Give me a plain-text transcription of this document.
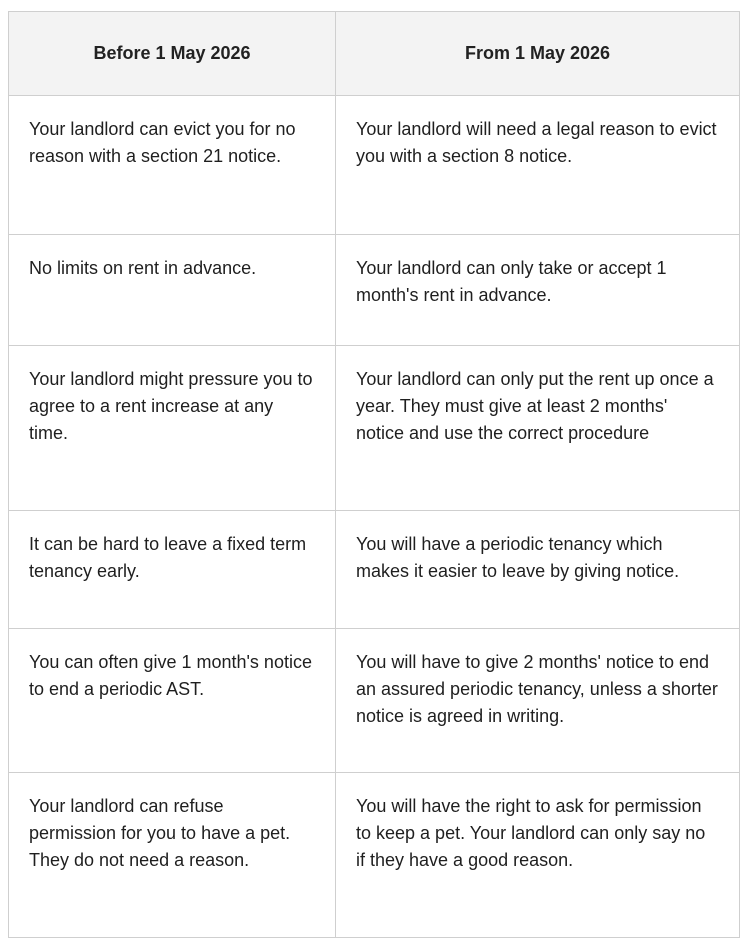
Before 1 May 2026	From 1 May 2026

Your landlord can evict you for no reason with a section 21 notice.	Your landlord will need a legal reason to evict you with a section 8 notice.

No limits on rent in advance.	Your landlord can only take or accept 1 month's rent in advance.

Your landlord might pressure you to agree to a rent increase at any time.	Your landlord can only put the rent up once a year. They must give at least 2 months' notice and use the correct procedure

It can be hard to leave a fixed term tenancy early.	You will have a periodic tenancy which makes it easier to leave by giving notice.

You can often give 1 month's notice to end a periodic AST.	You will have to give 2 months' notice to end an assured periodic tenancy, unless a shorter notice is agreed in writing.

Your landlord can refuse permission for you to have a pet. They do not need a reason.	You will have the right to ask for permission to keep a pet. Your landlord can only say no if they have a good reason.
